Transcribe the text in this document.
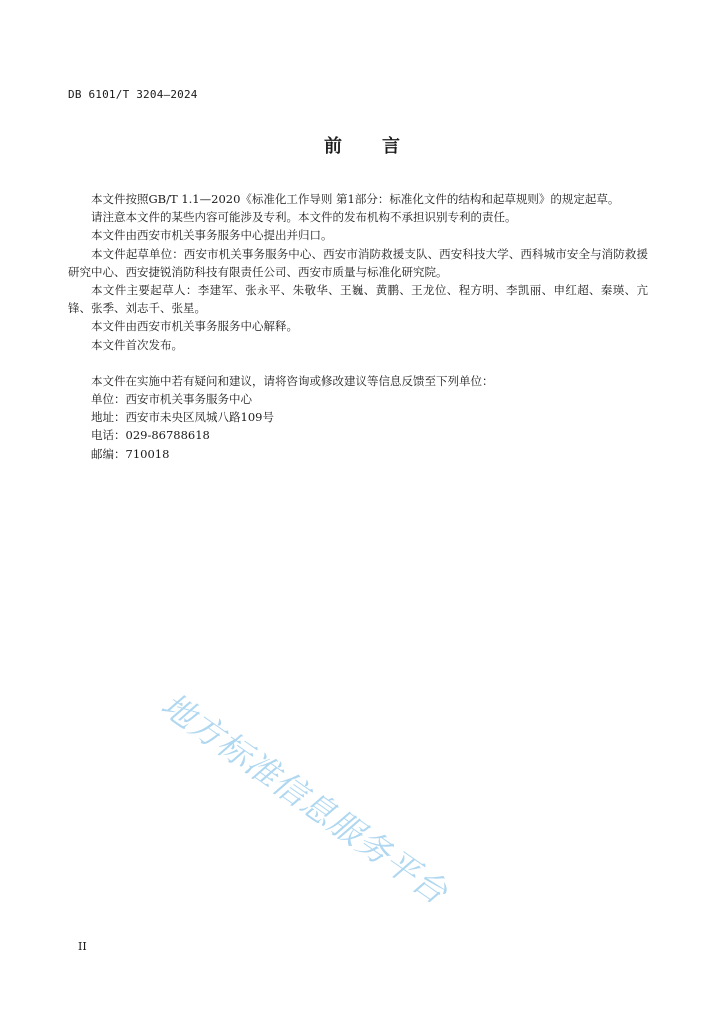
DB 6101/T 3204—2024
前 言

本文件按照GB/T 1.1—2020《标准化工作导则 第1部分：标准化文件的结构和起草规则》的规定起草。

请注意本文件的某些内容可能涉及专利。本文件的发布机构不承担识别专利的责任。

本文件由西安市机关事务服务中心提出并归口。

本文件起草单位：西安市机关事务服务中心、西安市消防救援支队、西安科技大学、西科城市安全与消防救援研究中心、西安捷锐消防科技有限责任公司、西安市质量与标准化研究院。

本文件主要起草人：李建军、张永平、朱敬华、王巍、黄鹏、王龙位、程方明、李凯丽、申红超、秦瑛、亢锋、张季、刘志千、张星。

本文件由西安市机关事务服务中心解释。

本文件首次发布。

本文件在实施中若有疑问和建议，请将咨询或修改建议等信息反馈至下列单位：

单位：西安市机关事务服务中心

地址：西安市未央区凤城八路109号

电话：029-86788618

邮编：710018

地方标准信息服务平台
II
